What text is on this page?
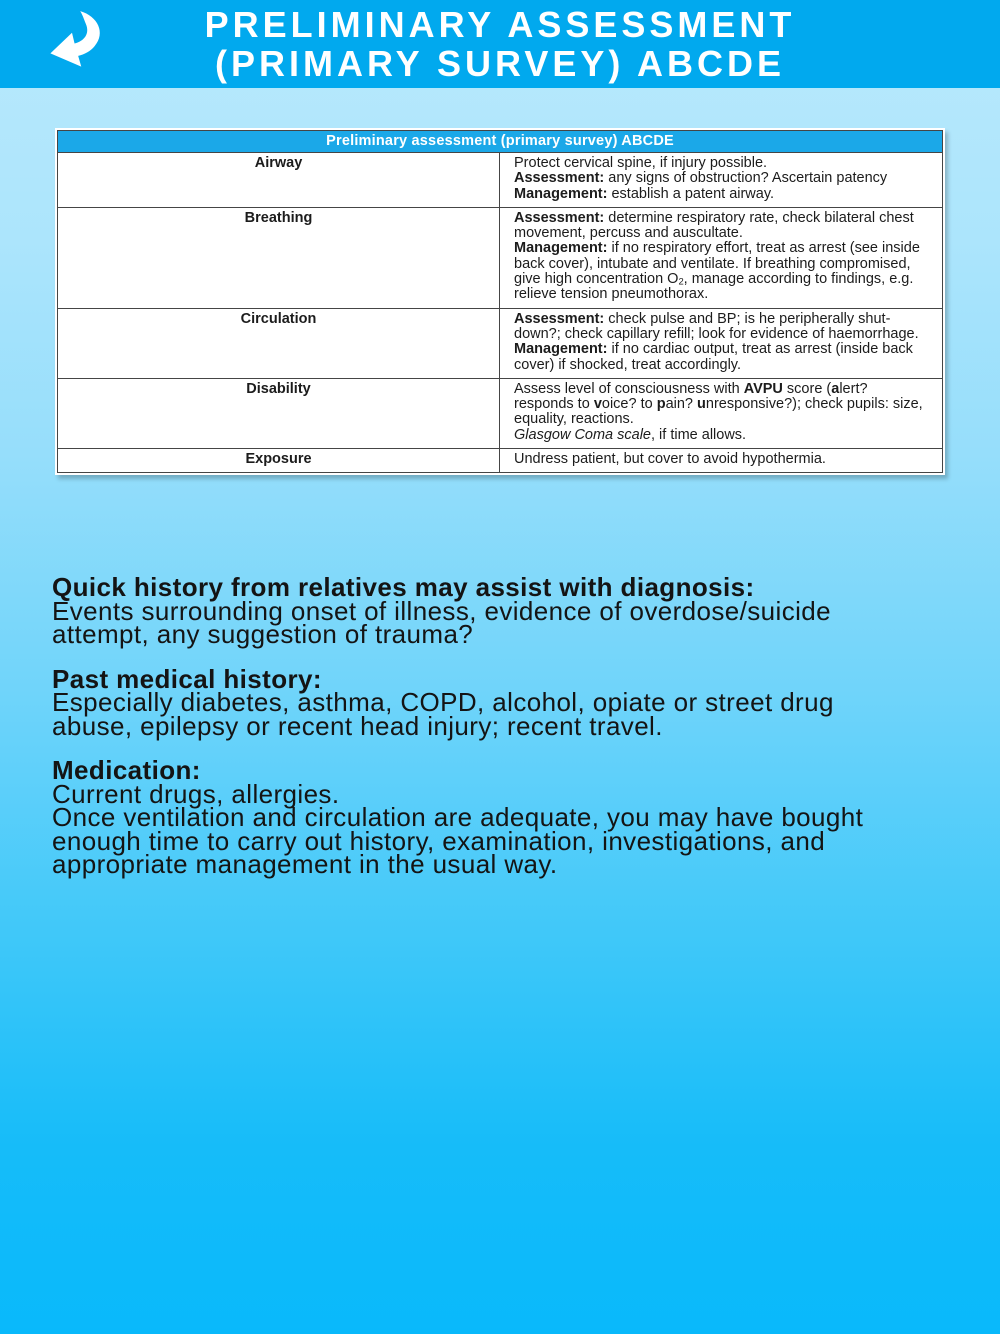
PRELIMINARY ASSESSMENT
(PRIMARY SURVEY) ABCDE
Preliminary assessment (primary survey) ABCDE
Airway	Protect cervical spine, if injury possible.
Assessment: any signs of obstruction? Ascertain patency
Management: establish a patent airway.
Breathing	Assessment: determine respiratory rate, check bilateral chest movement, percuss and auscultate.
Management: if no respiratory effort, treat as arrest (see inside back cover), intubate and ventilate. If breathing compromised, give high concentration $O_2$, manage according to findings, e.g. relieve tension pneumothorax.
Circulation	Assessment: check pulse and BP; is he peripherally shut-down?; check capillary refill; look for evidence of haemorrhage.
Management: if no cardiac output, treat as arrest (inside back cover) if shocked, treat accordingly.
Disability	Assess level of consciousness with AVPU score (alert? responds to voice? to pain? unresponsive?); check pupils: size, equality, reactions.
Glasgow Coma scale, if time allows.
Exposure	Undress patient, but cover to avoid hypothermia.
Quick history from relatives may assist with diagnosis:

Events surrounding onset of illness, evidence of overdose/suicide attempt, any suggestion of trauma?

Past medical history:

Especially diabetes, asthma, COPD, alcohol, opiate or street drug abuse, epilepsy or recent head injury; recent travel.

Medication:

Current drugs, allergies.
Once ventilation and circulation are adequate, you may have bought enough time to carry out history, examination, investigations, and appropriate management in the usual way.
